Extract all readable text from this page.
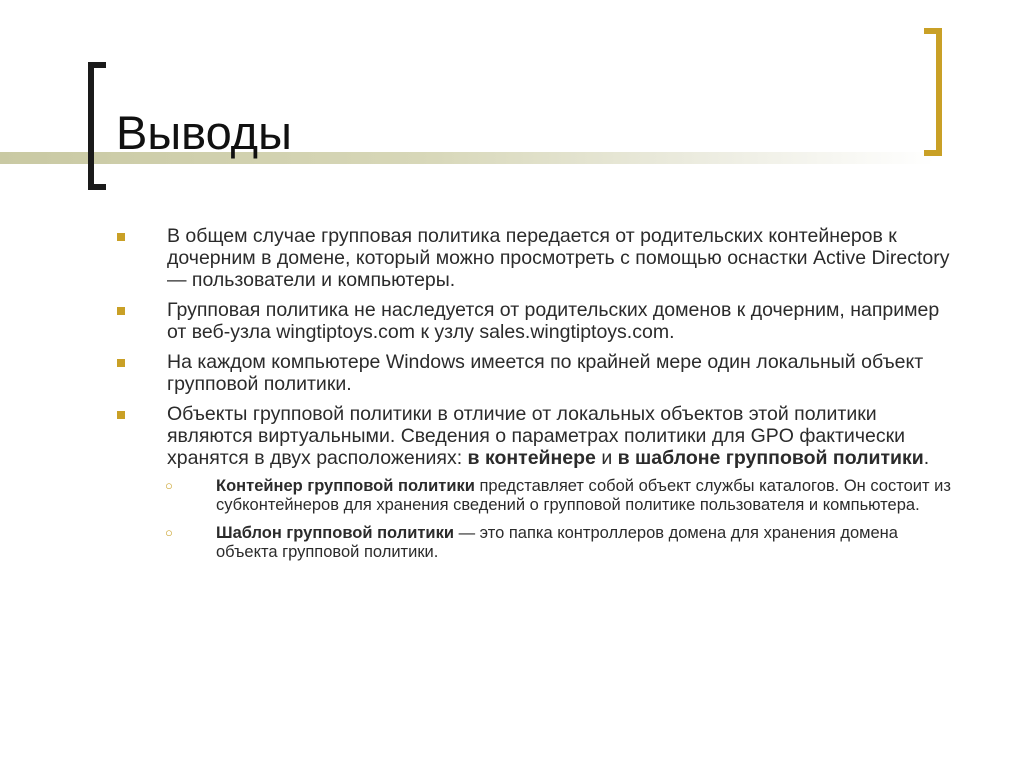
Выводы
В общем случае групповая политика передается от родительских контейнеров к дочерним в домене, который можно просмотреть с помощью оснастки Active Directory — пользователи и компьютеры.
Групповая политика не наследуется от родительских доменов к дочерним, например от веб-узла wingtiptoys.com к узлу sales.wingtiptoys.com.
На каждом компьютере Windows имеется по крайней мере один локальный объект групповой политики.
Объекты групповой политики в отличие от локальных объектов этой политики являются виртуальными. Сведения о параметрах политики для GPO фактически хранятся в двух расположениях: в контейнере и в шаблоне групповой политики.
○	Контейнер групповой политики представляет собой объект службы каталогов. Он состоит из субконтейнеров для хранения сведений о групповой политике пользователя и компьютера.
○	Шаблон групповой политики — это папка контроллеров домена для хранения домена объекта групповой политики.
